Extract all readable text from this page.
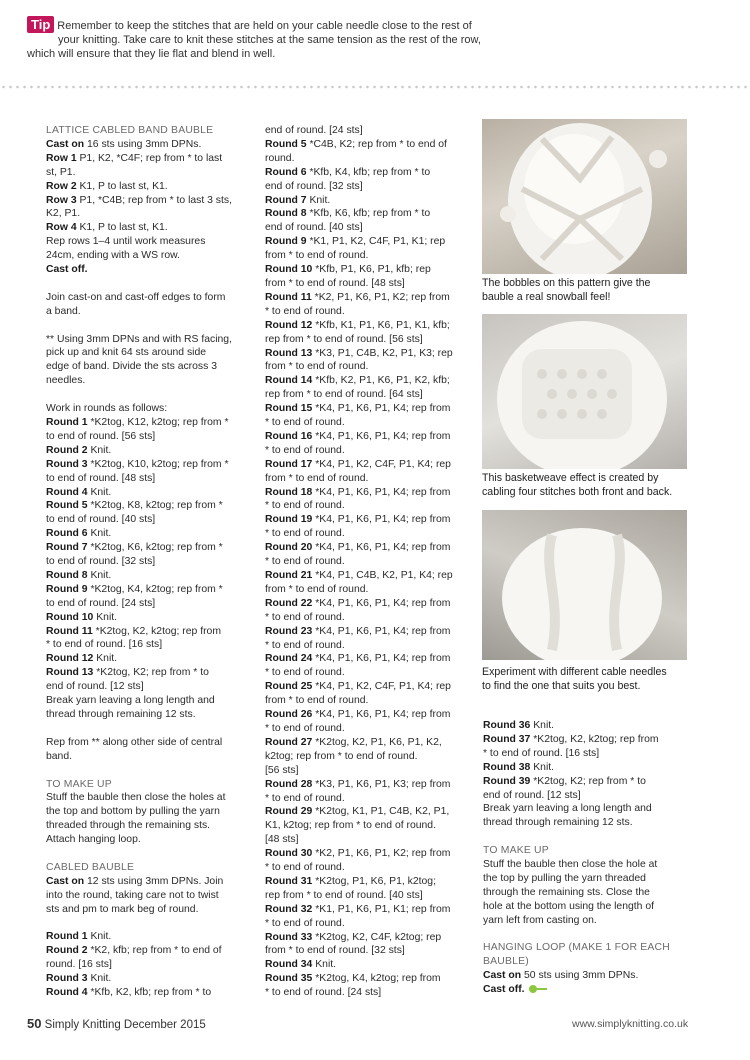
Tip Remember to keep the stitches that are held on your cable needle close to the rest of
your knitting. Take care to knit these stitches at the same tension as the rest of the row,
which will ensure that they lie flat and blend in well.
LATTICE CABLED BAND BAUBLE
Cast on 16 sts using 3mm DPNs.
Row 1 P1, K2, *C4F; rep from * to last
st, P1.
Row 2 K1, P to last st, K1.
Row 3 P1, *C4B; rep from * to last 3 sts,
K2, P1.
Row 4 K1, P to last st, K1.
Rep rows 1–4 until work measures
24cm, ending with a WS row.
Cast off.
Join cast-on and cast-off edges to form
a band.
** Using 3mm DPNs and with RS facing,
pick up and knit 64 sts around side
edge of band. Divide the sts across 3
needles.
Work in rounds as follows:
Round 1 *K2tog, K12, k2tog; rep from *
to end of round. [56 sts]
Round 2 Knit.
Round 3 *K2tog, K10, k2tog; rep from *
to end of round. [48 sts]
Round 4 Knit.
Round 5 *K2tog, K8, k2tog; rep from *
to end of round. [40 sts]
Round 6 Knit.
Round 7 *K2tog, K6, k2tog; rep from *
to end of round. [32 sts]
Round 8 Knit.
Round 9 *K2tog, K4, k2tog; rep from *
to end of round. [24 sts]
Round 10 Knit.
Round 11 *K2tog, K2, k2tog; rep from
* to end of round. [16 sts]
Round 12 Knit.
Round 13 *K2tog, K2; rep from * to
end of round. [12 sts]
Break yarn leaving a long length and
thread through remaining 12 sts.
Rep from ** along other side of central
band.
TO MAKE UP
Stuff the bauble then close the holes at
the top and bottom by pulling the yarn
threaded through the remaining sts.
Attach hanging loop.
CABLED BAUBLE
Cast on 12 sts using 3mm DPNs. Join
into the round, taking care not to twist
sts and pm to mark beg of round.
Round 1 Knit.
Round 2 *K2, kfb; rep from * to end of
round. [16 sts]
Round 3 Knit.
Round 4 *Kfb, K2, kfb; rep from * to
end of round. [24 sts]
Round 5 *C4B, K2; rep from * to end of
round.
Round 6 *Kfb, K4, kfb; rep from * to
end of round. [32 sts]
Round 7 Knit.
Round 8 *Kfb, K6, kfb; rep from * to
end of round. [40 sts]
Round 9 *K1, P1, K2, C4F, P1, K1; rep
from * to end of round.
Round 10 *Kfb, P1, K6, P1, kfb; rep
from * to end of round. [48 sts]
Round 11 *K2, P1, K6, P1, K2; rep from
* to end of round.
Round 12 *Kfb, K1, P1, K6, P1, K1, kfb;
rep from * to end of round. [56 sts]
Round 13 *K3, P1, C4B, K2, P1, K3; rep
from * to end of round.
Round 14 *Kfb, K2, P1, K6, P1, K2, kfb;
rep from * to end of round. [64 sts]
Round 15 *K4, P1, K6, P1, K4; rep from
* to end of round.
Round 16 *K4, P1, K6, P1, K4; rep from
* to end of round.
Round 17 *K4, P1, K2, C4F, P1, K4; rep
from * to end of round.
Round 18 *K4, P1, K6, P1, K4; rep from
* to end of round.
Round 19 *K4, P1, K6, P1, K4; rep from
* to end of round.
Round 20 *K4, P1, K6, P1, K4; rep from
* to end of round.
Round 21 *K4, P1, C4B, K2, P1, K4; rep
from * to end of round.
Round 22 *K4, P1, K6, P1, K4; rep from
* to end of round.
Round 23 *K4, P1, K6, P1, K4; rep from
* to end of round.
Round 24 *K4, P1, K6, P1, K4; rep from
* to end of round.
Round 25 *K4, P1, K2, C4F, P1, K4; rep
from * to end of round.
Round 26 *K4, P1, K6, P1, K4; rep from
* to end of round.
Round 27 *K2tog, K2, P1, K6, P1, K2,
k2tog; rep from * to end of round.
[56 sts]
Round 28 *K3, P1, K6, P1, K3; rep from
* to end of round.
Round 29 *K2tog, K1, P1, C4B, K2, P1,
K1, k2tog; rep from * to end of round.
[48 sts]
Round 30 *K2, P1, K6, P1, K2; rep from
* to end of round.
Round 31 *K2tog, P1, K6, P1, k2tog;
rep from * to end of round. [40 sts]
Round 32 *K1, P1, K6, P1, K1; rep from
* to end of round.
Round 33 *K2tog, K2, C4F, k2tog; rep
from * to end of round. [32 sts]
Round 34 Knit.
Round 35 *K2tog, K4, k2tog; rep from
* to end of round. [24 sts]
The bobbles on this pattern give the
bauble a real snowball feel!
This basketweave effect is created by
cabling four stitches both front and back.
Experiment with different cable needles
to find the one that suits you best.
Round 36 Knit.
Round 37 *K2tog, K2, k2tog; rep from
* to end of round. [16 sts]
Round 38 Knit.
Round 39 *K2tog, K2; rep from * to
end of round. [12 sts]
Break yarn leaving a long length and
thread through remaining 12 sts.
TO MAKE UP
Stuff the bauble then close the hole at
the top by pulling the yarn threaded
through the remaining sts. Close the
hole at the bottom using the length of
yarn left from casting on.
HANGING LOOP (MAKE 1 FOR EACH
BAUBLE)
Cast on 50 sts using 3mm DPNs.
Cast off.
50 Simply Knitting December 2015	www.simplyknitting.co.uk
